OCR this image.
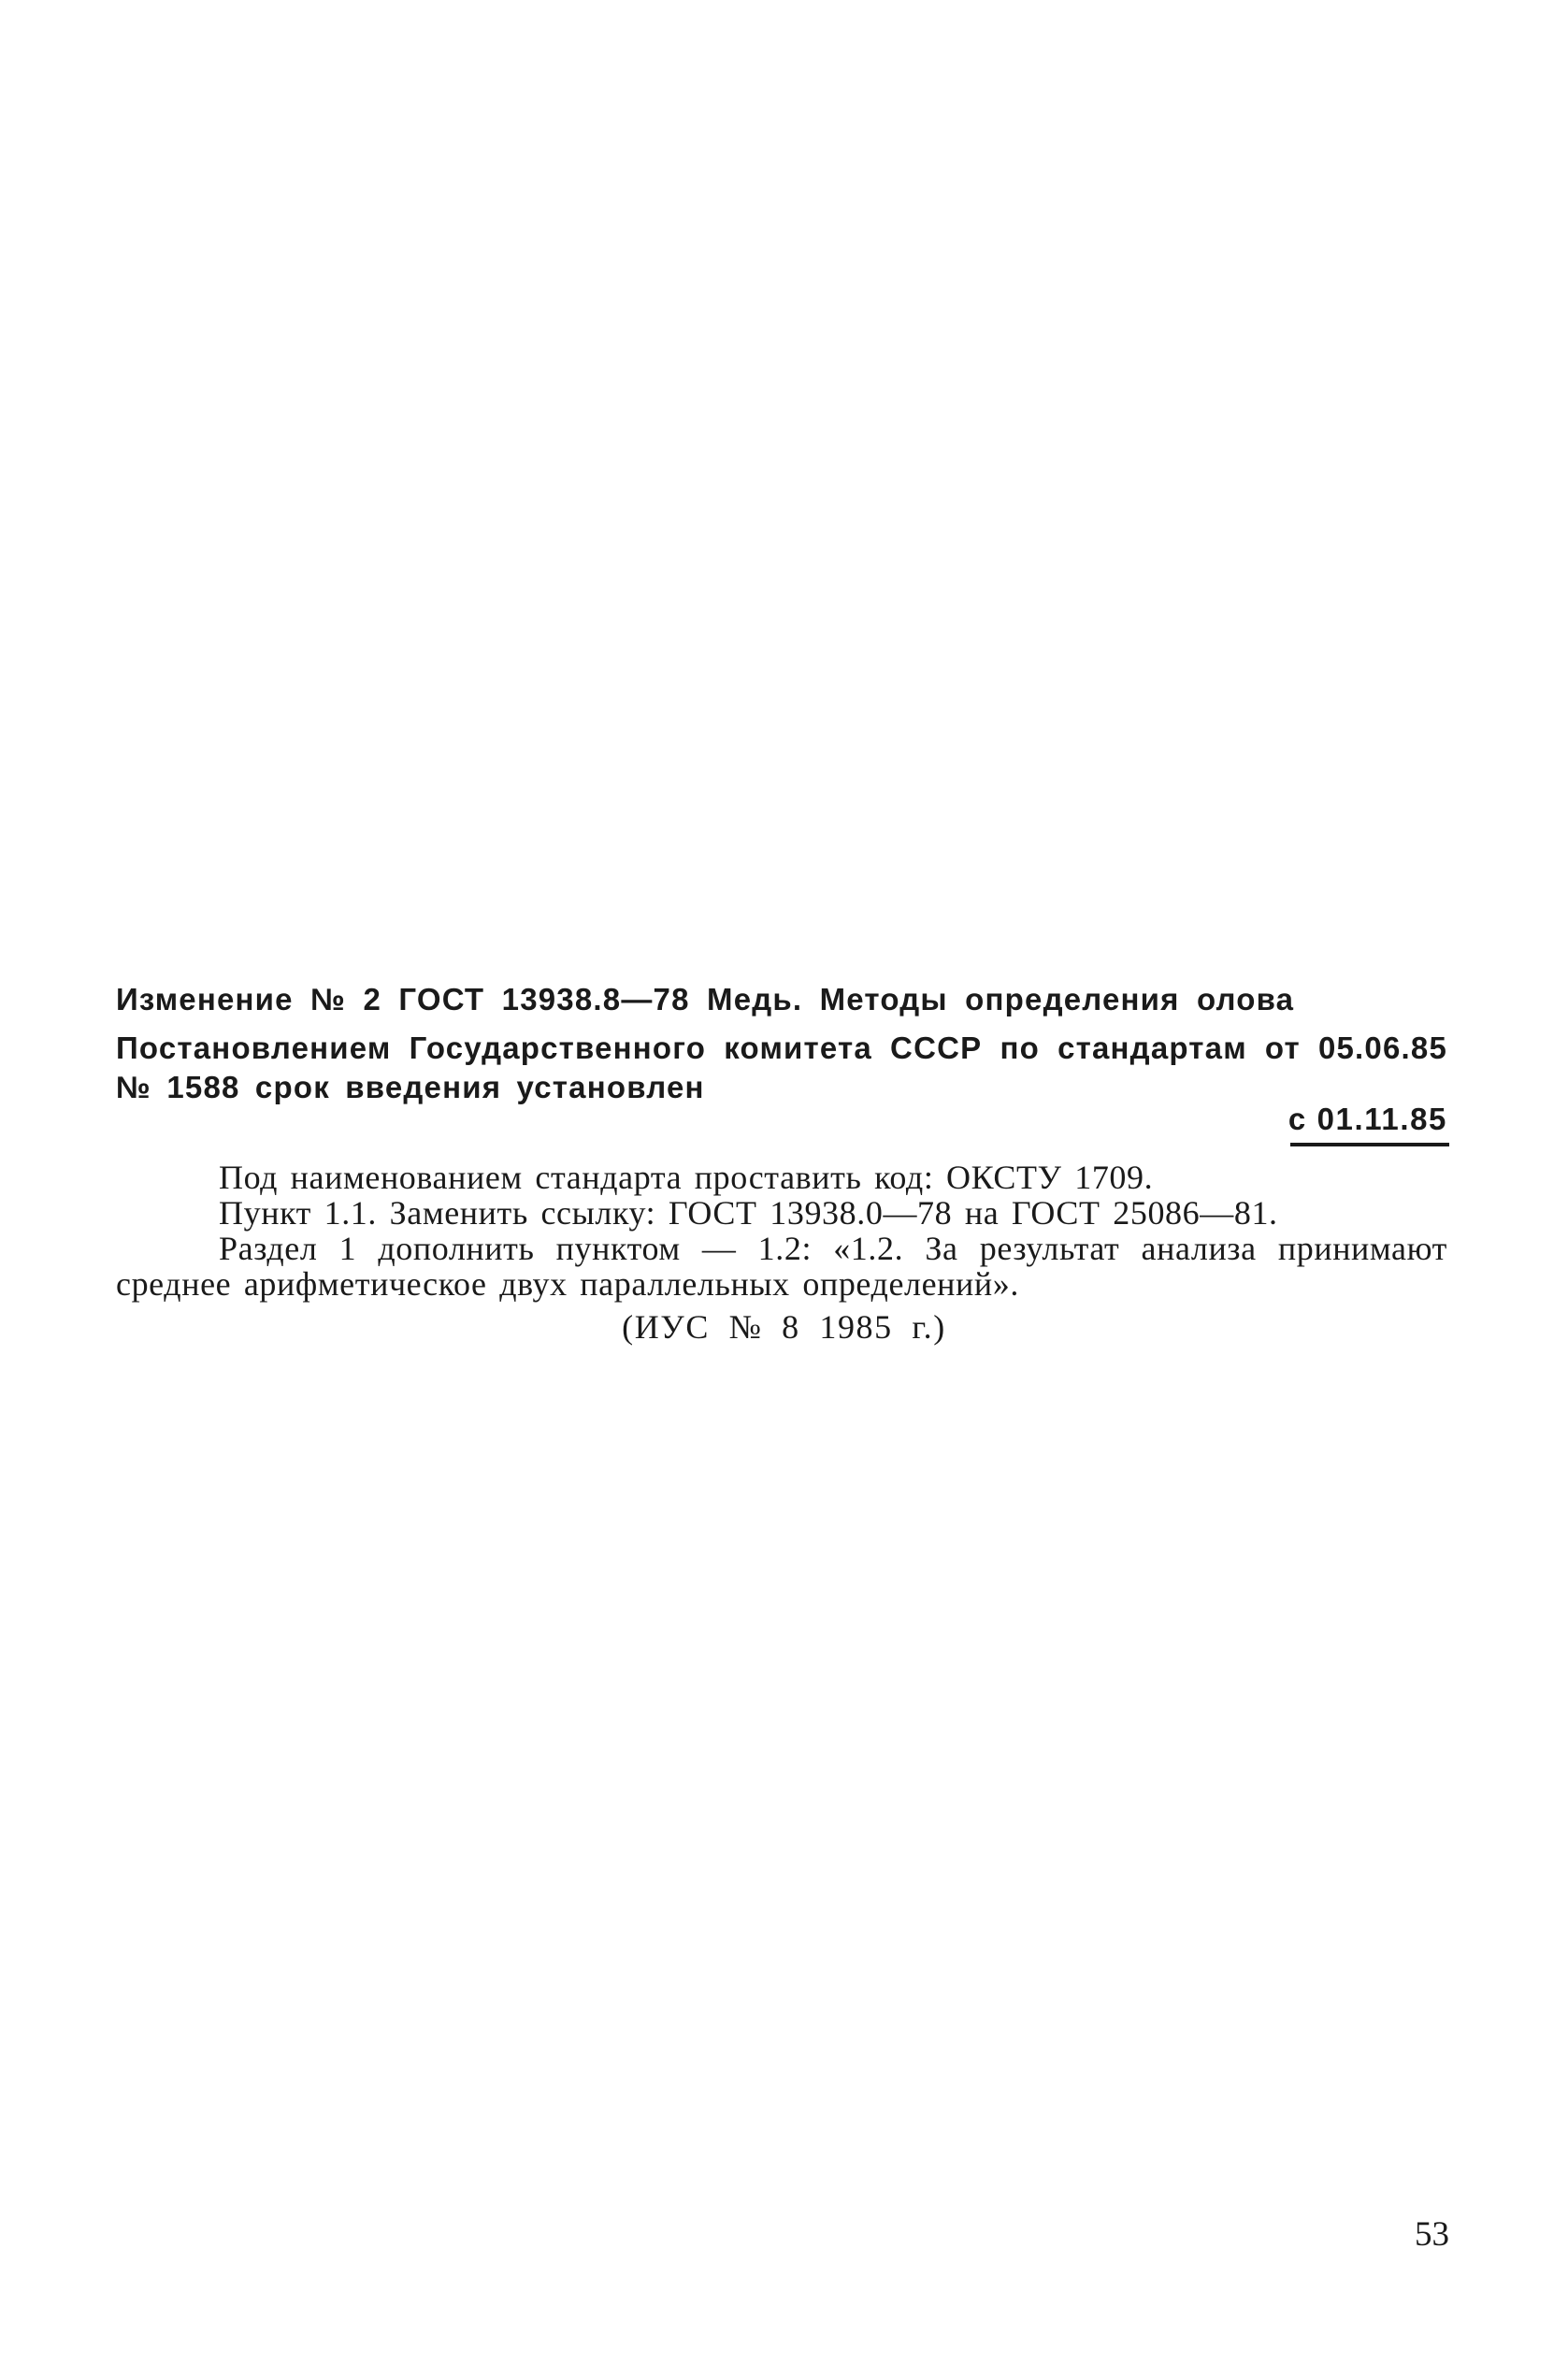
Изменение № 2 ГОСТ 13938.8—78 Медь. Методы определения олова
Постановлением Государственного комитета СССР по стандартам от 05.06.85 № 1588 срок введения установлен
с 01.11.85

Под наименованием стандарта проставить код: ОКСТУ 1709.

Пункт 1.1. Заменить ссылку: ГОСТ 13938.0—78 на ГОСТ 25086—81.

Раздел 1 дополнить пунктом — 1.2: «1.2. За результат анализа принимают среднее арифметическое двух параллельных определений».

(ИУС № 8 1985 г.)
53
